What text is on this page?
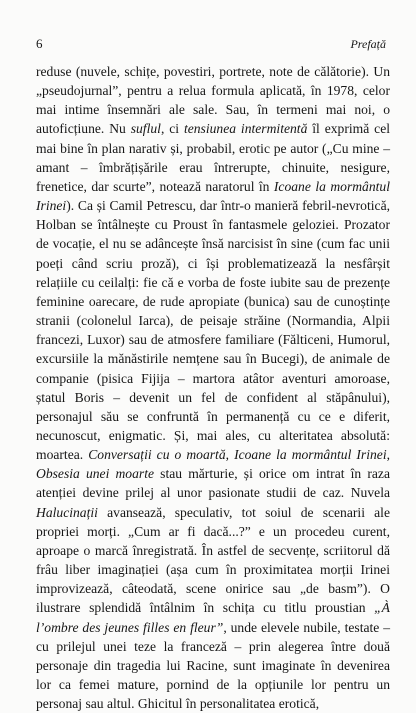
6	Prefață

reduse (nuvele, schițe, povestiri, portrete, note de călătorie). Un „pseudojurnal”, pentru a relua formula aplicată, în 1978, celor mai intime însemnări ale sale. Sau, în termeni mai noi, o autoficțiune. Nu suflul, ci tensiunea intermitentă îl exprimă cel mai bine în plan narativ și, probabil, erotic pe autor („Cu mine – amant – îmbrățișările erau întrerupte, chinuite, nesigure, frenetice, dar scurte”, notează naratorul în Icoane la mormântul Irinei). Ca și Camil Petrescu, dar într-o manieră febril-nevrotică, Holban se întâlnește cu Proust în fantasmele geloziei. Prozator de vocație, el nu se adâncește însă narcisist în sine (cum fac unii poeți când scriu proză), ci își problematizează la nesfârșit relațiile cu ceilalți: fie că e vorba de foste iubite sau de prezențe feminine oarecare, de rude apropiate (bunica) sau de cunoștințe stranii (colonelul Iarca), de peisaje străine (Normandia, Alpii francezi, Luxor) sau de atmosfere familiare (Fălticeni, Humorul, excursiile la mănăstirile nemțene sau în Bucegi), de animale de companie (pisica Fijija – martora atâtor aventuri amoroase, ștatul Boris – devenit un fel de confident al stăpânului), personajul său se confruntă în permanență cu ce e diferit, necunoscut, enigmatic. Și, mai ales, cu alteritatea absolută: moartea. Conversații cu o moartă, Icoane la mormântul Irinei, Obsesia unei moarte stau mărturie, și orice om intrat în raza atenției devine prilej al unor pasionate studii de caz. Nuvela Halucinații avansează, speculativ, tot soiul de scenarii ale propriei morți. „Cum ar fi dacă...?” e un procedeu curent, aproape o marcă înregistrată. În astfel de secvențe, scriitorul dă frâu liber imaginației (așa cum în proximitatea morții Irinei improvizează, câteodată, scene onirice sau „de basm”). O ilustrare splendidă întâlnim în schița cu titlu proustian „À l’ombre des jeunes filles en fleur”, unde elevele nubile, testate – cu prilejul unei teze la franceză – prin alegerea între două personaje din tragedia lui Racine, sunt imaginate în devenirea lor ca femei mature, pornind de la opțiunile lor pentru un personaj sau altul. Ghicitul în personalitatea erotică,
